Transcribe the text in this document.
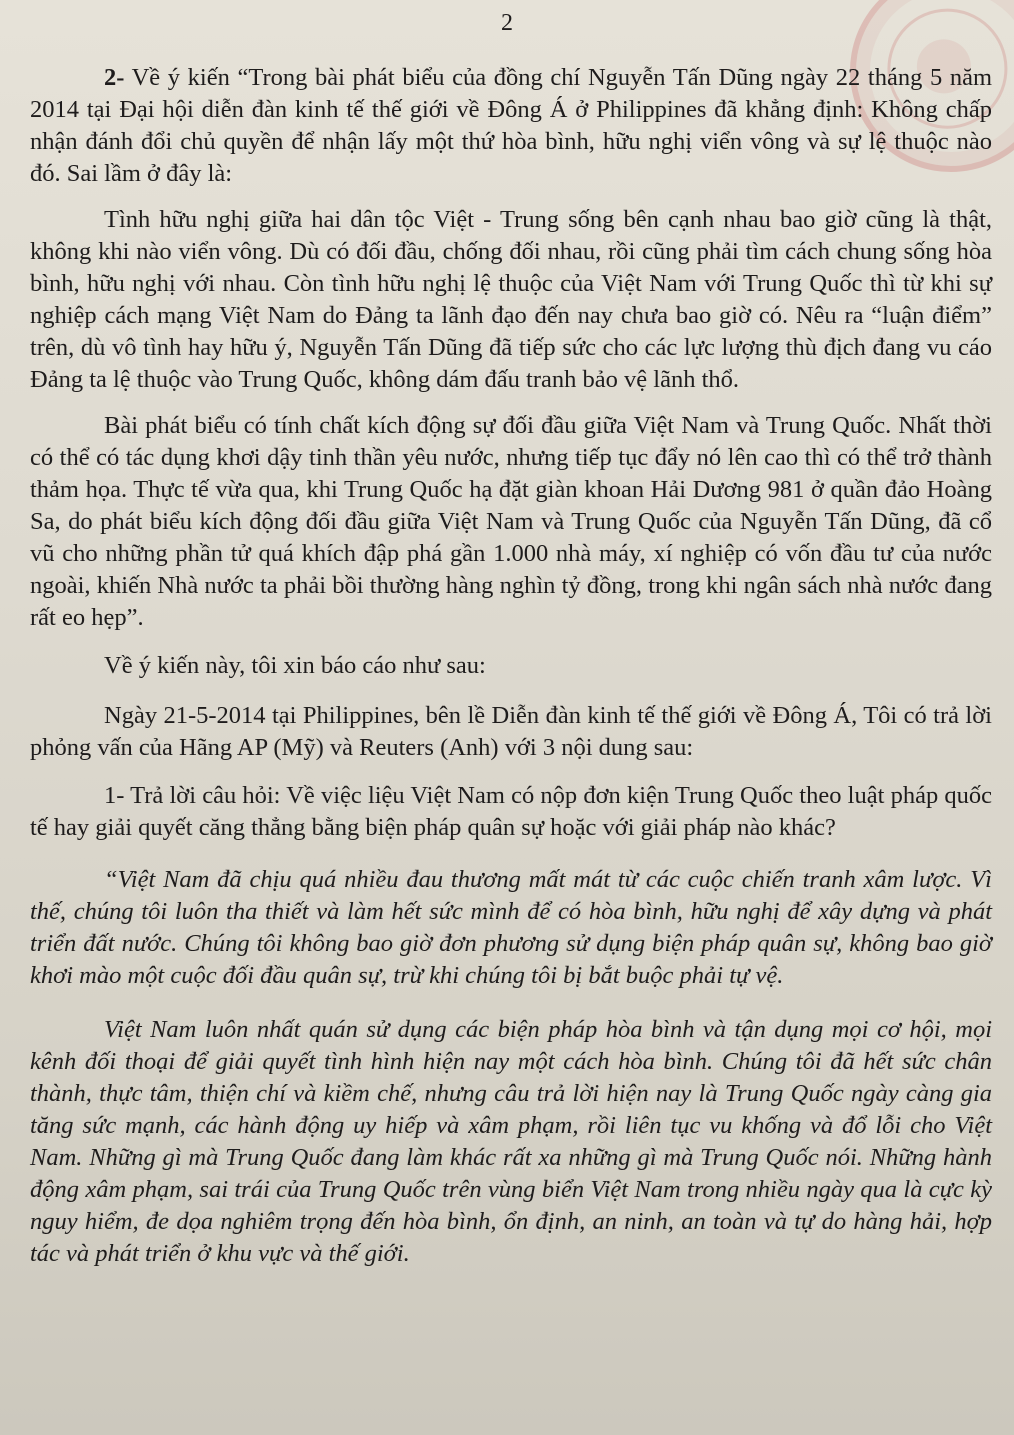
2

2- Về ý kiến “Trong bài phát biểu của đồng chí Nguyễn Tấn Dũng ngày 22 tháng 5 năm 2014 tại Đại hội diễn đàn kinh tế thế giới về Đông Á ở Philippines đã khẳng định: Không chấp nhận đánh đổi chủ quyền để nhận lấy một thứ hòa bình, hữu nghị viển vông và sự lệ thuộc nào đó. Sai lầm ở đây là:

Tình hữu nghị giữa hai dân tộc Việt - Trung sống bên cạnh nhau bao giờ cũng là thật, không khi nào viển vông. Dù có đối đầu, chống đối nhau, rồi cũng phải tìm cách chung sống hòa bình, hữu nghị với nhau. Còn tình hữu nghị lệ thuộc của Việt Nam với Trung Quốc thì từ khi sự nghiệp cách mạng Việt Nam do Đảng ta lãnh đạo đến nay chưa bao giờ có. Nêu ra “luận điểm” trên, dù vô tình hay hữu ý, Nguyễn Tấn Dũng đã tiếp sức cho các lực lượng thù địch đang vu cáo Đảng ta lệ thuộc vào Trung Quốc, không dám đấu tranh bảo vệ lãnh thổ.

Bài phát biểu có tính chất kích động sự đối đầu giữa Việt Nam và Trung Quốc. Nhất thời có thể có tác dụng khơi dậy tinh thần yêu nước, nhưng tiếp tục đẩy nó lên cao thì có thể trở thành thảm họa. Thực tế vừa qua, khi Trung Quốc hạ đặt giàn khoan Hải Dương 981 ở quần đảo Hoàng Sa, do phát biểu kích động đối đầu giữa Việt Nam và Trung Quốc của Nguyễn Tấn Dũng, đã cổ vũ cho những phần tử quá khích đập phá gần 1.000 nhà máy, xí nghiệp có vốn đầu tư của nước ngoài, khiến Nhà nước ta phải bồi thường hàng nghìn tỷ đồng, trong khi ngân sách nhà nước đang rất eo hẹp”.

Về ý kiến này, tôi xin báo cáo như sau:

Ngày 21-5-2014 tại Philippines, bên lề Diễn đàn kinh tế thế giới về Đông Á, Tôi có trả lời phỏng vấn của Hãng AP (Mỹ) và Reuters (Anh) với 3 nội dung sau:

1- Trả lời câu hỏi: Về việc liệu Việt Nam có nộp đơn kiện Trung Quốc theo luật pháp quốc tế hay giải quyết căng thẳng bằng biện pháp quân sự hoặc với giải pháp nào khác?

“Việt Nam đã chịu quá nhiều đau thương mất mát từ các cuộc chiến tranh xâm lược. Vì thế, chúng tôi luôn tha thiết và làm hết sức mình để có hòa bình, hữu nghị để xây dựng và phát triển đất nước. Chúng tôi không bao giờ đơn phương sử dụng biện pháp quân sự, không bao giờ khơi mào một cuộc đối đầu quân sự, trừ khi chúng tôi bị bắt buộc phải tự vệ.

Việt Nam luôn nhất quán sử dụng các biện pháp hòa bình và tận dụng mọi cơ hội, mọi kênh đối thoại để giải quyết tình hình hiện nay một cách hòa bình. Chúng tôi đã hết sức chân thành, thực tâm, thiện chí và kiềm chế, nhưng câu trả lời hiện nay là Trung Quốc ngày càng gia tăng sức mạnh, các hành động uy hiếp và xâm phạm, rồi liên tục vu khống và đổ lỗi cho Việt Nam. Những gì mà Trung Quốc đang làm khác rất xa những gì mà Trung Quốc nói. Những hành động xâm phạm, sai trái của Trung Quốc trên vùng biển Việt Nam trong nhiều ngày qua là cực kỳ nguy hiểm, đe dọa nghiêm trọng đến hòa bình, ổn định, an ninh, an toàn và tự do hàng hải, hợp tác và phát triển ở khu vực và thế giới.
